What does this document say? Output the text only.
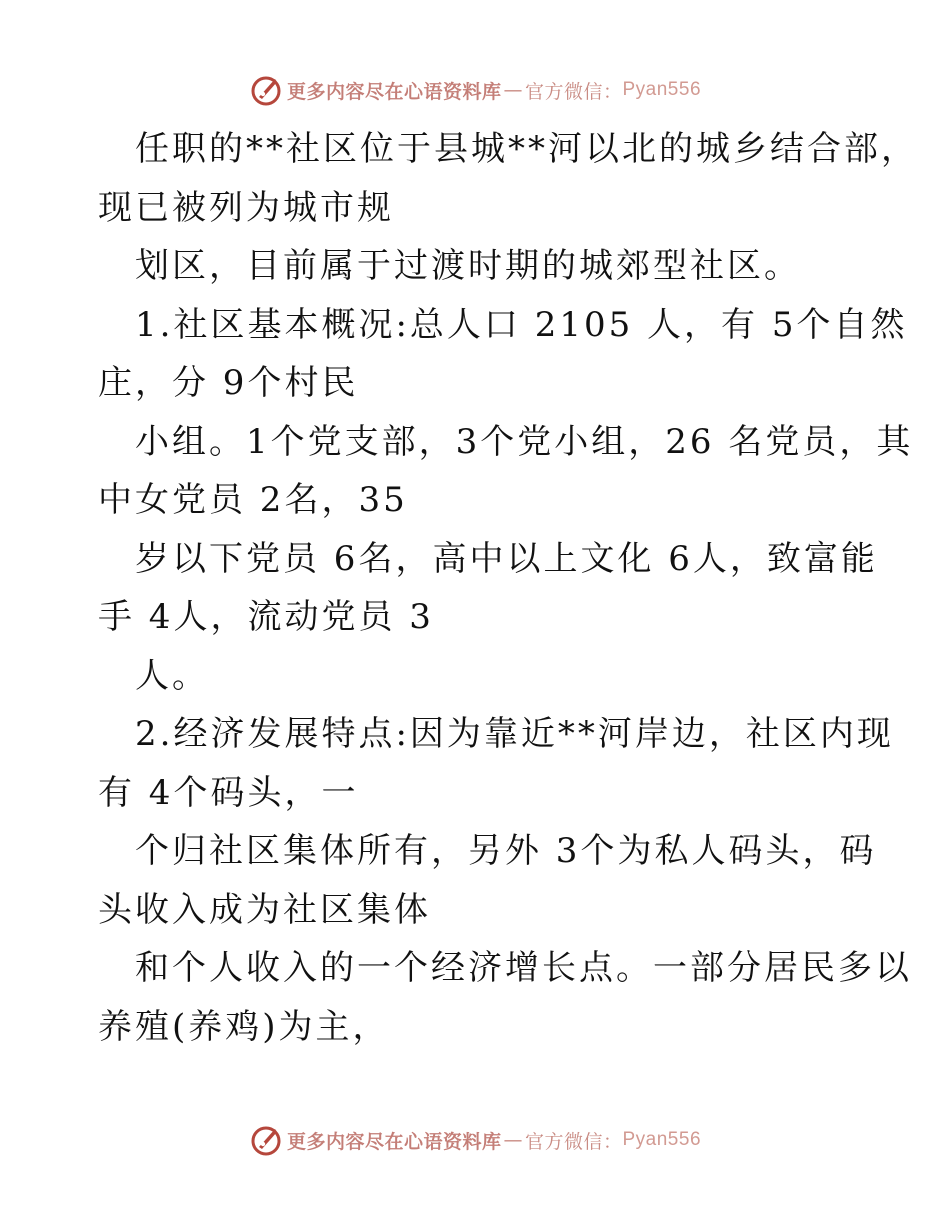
更多内容尽在心语资料库 — 官方微信： Pyan556
任职的**社区位于县城**河以北的城乡结合部，
现已被列为城市规
划区，目前属于过渡时期的城郊型社区。
1.社区基本概况:总人口 2105 人，有 5个自然
庄，分 9个村民
小组。1个党支部，3个党小组，26 名党员，其
中女党员 2名，35
岁以下党员 6名，高中以上文化 6人，致富能
手 4人，流动党员 3
人。
2.经济发展特点:因为靠近**河岸边，社区内现
有 4个码头，一
个归社区集体所有，另外 3个为私人码头，码
头收入成为社区集体
和个人收入的一个经济增长点。一部分居民多以
养殖(养鸡)为主，
更多内容尽在心语资料库 — 官方微信： Pyan556
